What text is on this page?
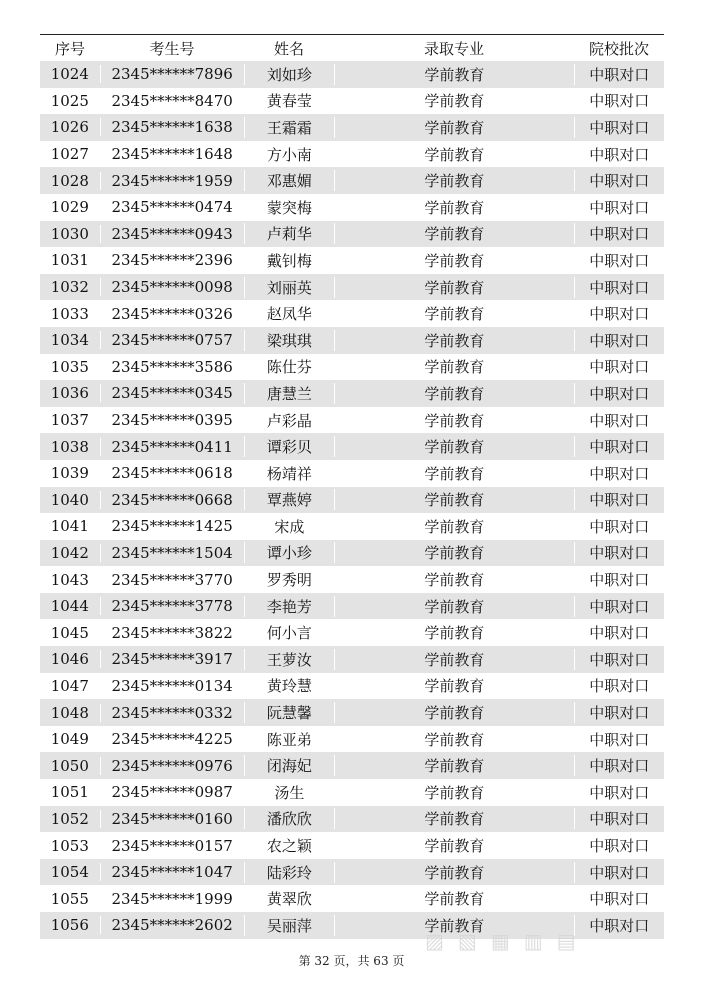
序号	考生号	姓名	录取专业	院校批次
1024	2345******7896	刘如珍	学前教育	中职对口
1025	2345******8470	黄春莹	学前教育	中职对口
1026	2345******1638	王霜霜	学前教育	中职对口
1027	2345******1648	方小南	学前教育	中职对口
1028	2345******1959	邓惠媚	学前教育	中职对口
1029	2345******0474	蒙突梅	学前教育	中职对口
1030	2345******0943	卢莉华	学前教育	中职对口
1031	2345******2396	戴钊梅	学前教育	中职对口
1032	2345******0098	刘丽英	学前教育	中职对口
1033	2345******0326	赵凤华	学前教育	中职对口
1034	2345******0757	梁琪琪	学前教育	中职对口
1035	2345******3586	陈仕芬	学前教育	中职对口
1036	2345******0345	唐慧兰	学前教育	中职对口
1037	2345******0395	卢彩晶	学前教育	中职对口
1038	2345******0411	谭彩贝	学前教育	中职对口
1039	2345******0618	杨靖祥	学前教育	中职对口
1040	2345******0668	覃燕婷	学前教育	中职对口
1041	2345******1425	宋成	学前教育	中职对口
1042	2345******1504	谭小珍	学前教育	中职对口
1043	2345******3770	罗秀明	学前教育	中职对口
1044	2345******3778	李艳芳	学前教育	中职对口
1045	2345******3822	何小言	学前教育	中职对口
1046	2345******3917	王萝汝	学前教育	中职对口
1047	2345******0134	黄玲慧	学前教育	中职对口
1048	2345******0332	阮慧馨	学前教育	中职对口
1049	2345******4225	陈亚弟	学前教育	中职对口
1050	2345******0976	闭海妃	学前教育	中职对口
1051	2345******0987	汤生	学前教育	中职对口
1052	2345******0160	潘欣欣	学前教育	中职对口
1053	2345******0157	农之颖	学前教育	中职对口
1054	2345******1047	陆彩玲	学前教育	中职对口
1055	2345******1999	黄翠欣	学前教育	中职对口
1056	2345******2602	吴丽萍	学前教育	中职对口
▨ ▧ ▦ ▥ ▤
第 32 页，共 63 页
